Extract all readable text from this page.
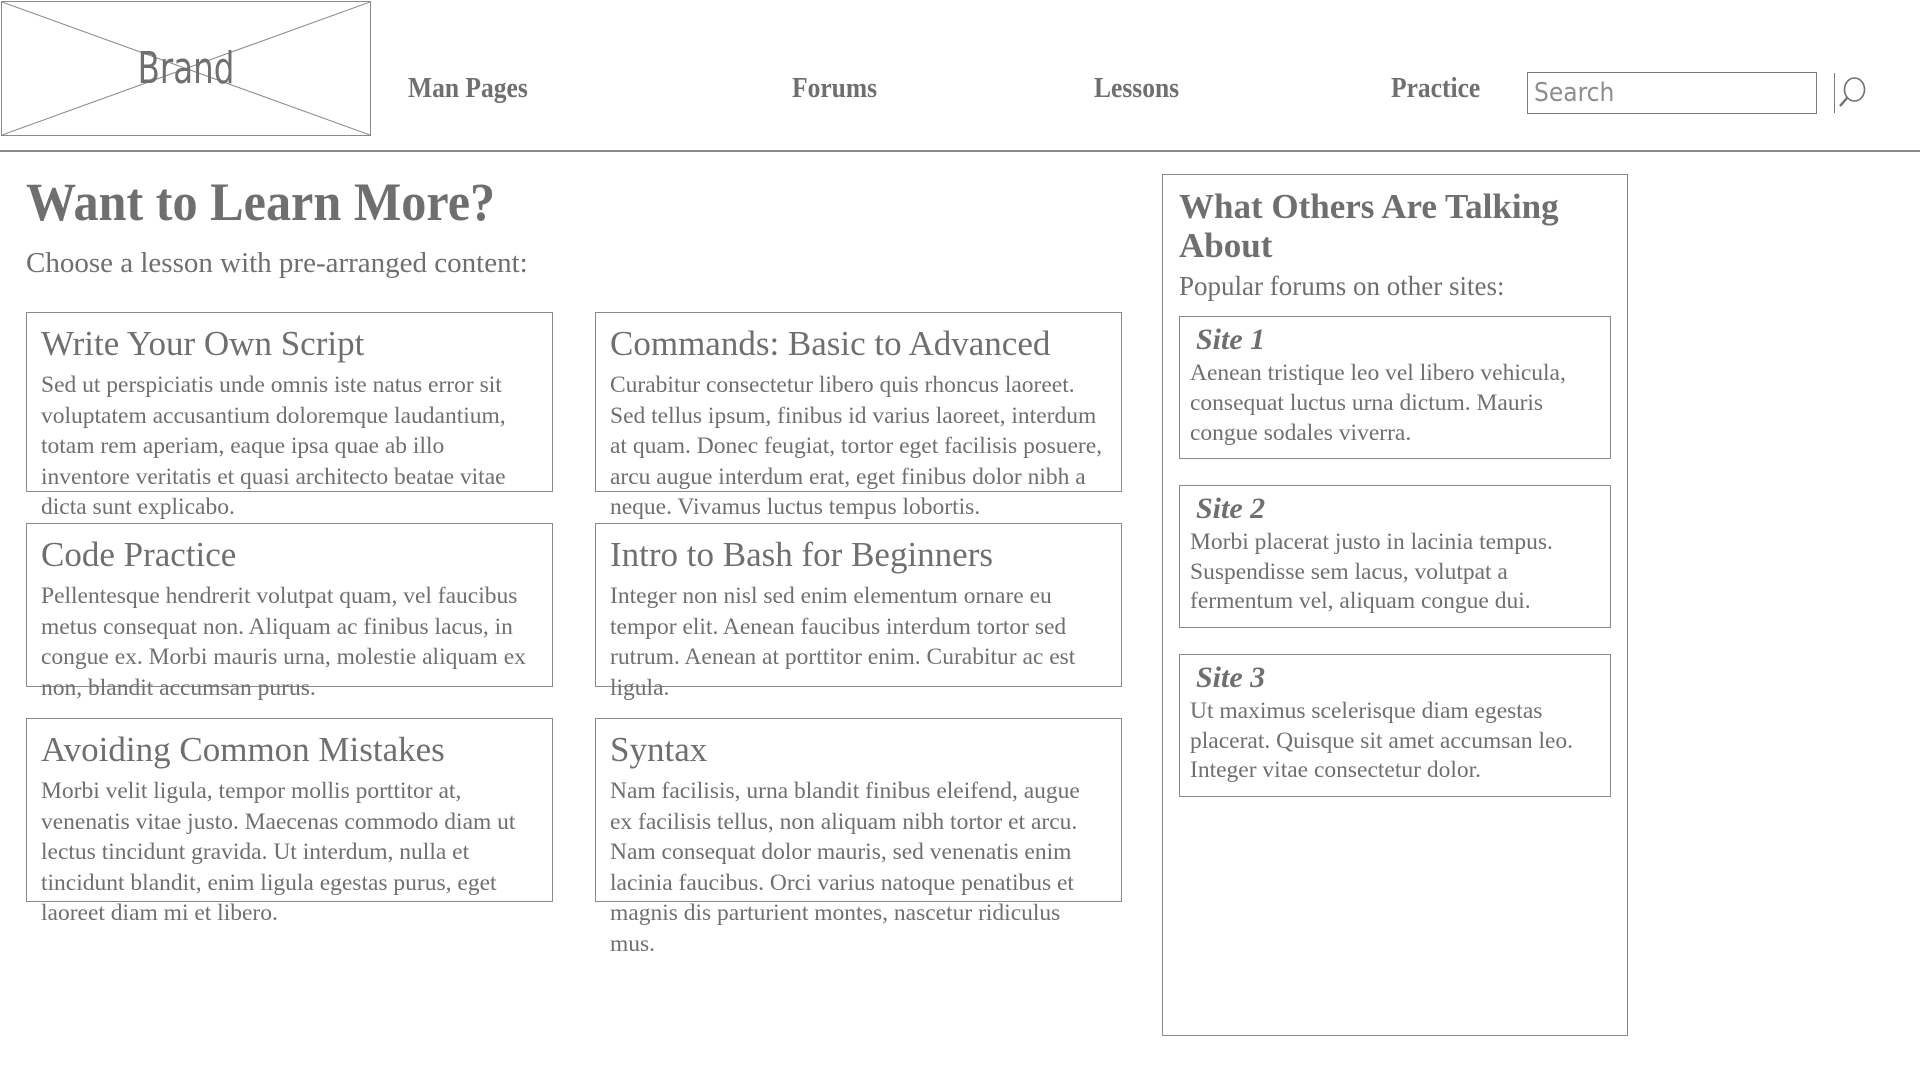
Brand	Man Pages	Forums	Lessons	Practice
Search
Want to Learn More?
Choose a lesson with pre-arranged content:
Write Your Own Script
Sed ut perspiciatis unde omnis iste natus error sit voluptatem accusantium doloremque laudantium, totam rem aperiam, eaque ipsa quae ab illo inventore veritatis et quasi architecto beatae vitae dicta sunt explicabo.
Commands: Basic to Advanced
Curabitur consectetur libero quis rhoncus laoreet. Sed tellus ipsum, finibus id varius laoreet, interdum at quam. Donec feugiat, tortor eget facilisis posuere, arcu augue interdum erat, eget finibus dolor nibh a neque. Vivamus luctus tempus lobortis.
Code Practice
Pellentesque hendrerit volutpat quam, vel faucibus metus consequat non. Aliquam ac finibus lacus, in congue ex. Morbi mauris urna, molestie aliquam ex non, blandit accumsan purus.
Intro to Bash for Beginners
Integer non nisl sed enim elementum ornare eu tempor elit. Aenean faucibus interdum tortor sed rutrum. Aenean at porttitor enim. Curabitur ac est ligula.
Avoiding Common Mistakes
Morbi velit ligula, tempor mollis porttitor at, venenatis vitae justo. Maecenas commodo diam ut lectus tincidunt gravida. Ut interdum, nulla et tincidunt blandit, enim ligula egestas purus, eget laoreet diam mi et libero.
Syntax
Nam facilisis, urna blandit finibus eleifend, augue ex facilisis tellus, non aliquam nibh tortor et arcu. Nam consequat dolor mauris, sed venenatis enim lacinia faucibus. Orci varius natoque penatibus et magnis dis parturient montes, nascetur ridiculus mus.
What Others Are Talking About
Popular forums on other sites:
Site 1
Aenean tristique leo vel libero vehicula, consequat luctus urna dictum. Mauris congue sodales viverra.
Site 2
Morbi placerat justo in lacinia tempus. Suspendisse sem lacus, volutpat a fermentum vel, aliquam congue dui.
Site 3
Ut maximus scelerisque diam egestas placerat. Quisque sit amet accumsan leo. Integer vitae consectetur dolor.
